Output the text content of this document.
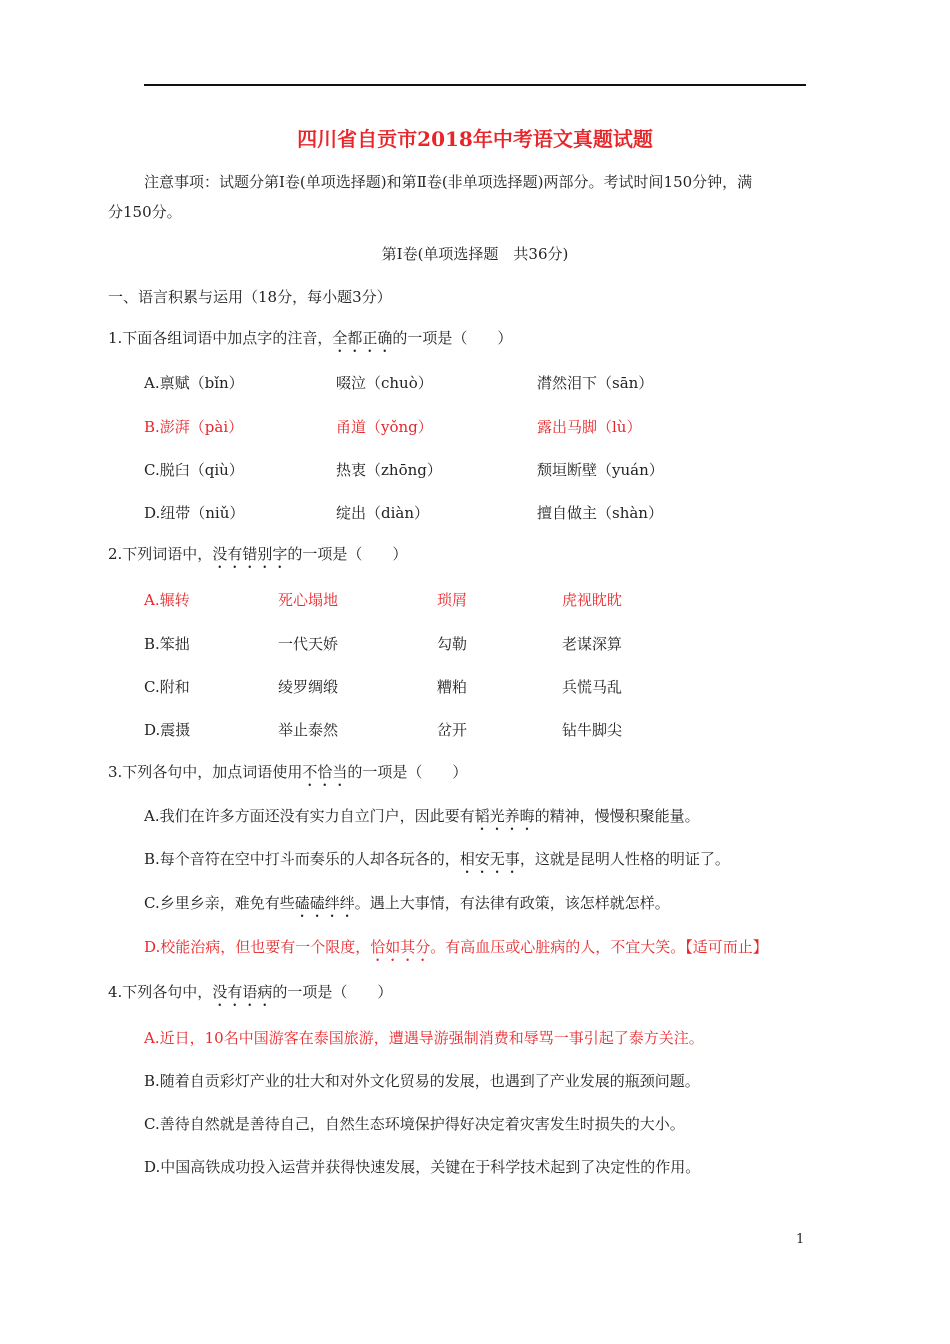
四川省自贡市2018年中考语文真题试题
注意事项：试题分第Ⅰ卷(单项选择题)和第Ⅱ卷(非单项选择题)两部分。考试时间150分钟，满
分150分。
第Ⅰ卷(单项选择题　共36分)
一、语言积累与运用（18分，每小题3分）
1.下面各组词语中加点字的注音，全都正确的一项是（　　）
A.禀赋（bǐn）	啜泣（chuò）	潸然泪下（sān）
B.澎湃（pài）	甬道（yǒng）	露出马脚（lù）
C.脱臼（qiù）	热衷（zhōng）	颓垣断壁（yuán）
D.纽带（niǔ）	绽出（diàn）	擅自做主（shàn）
2.下列词语中，没有错别字的一项是（　　）
A.辗转	死心塌地	琐屑	虎视眈眈
B.笨拙	一代天娇	勾勒	老谋深算
C.附和	绫罗绸缎	糟粕	兵慌马乱
D.震摄	举止泰然	岔开	钻牛脚尖
3.下列各句中，加点词语使用不恰当的一项是（　　）
A.我们在许多方面还没有实力自立门户，因此要有韬光养晦的精神，慢慢积聚能量。
B.每个音符在空中打斗而奏乐的人却各玩各的，相安无事，这就是昆明人性格的明证了。
C.乡里乡亲，难免有些磕磕绊绊。遇上大事情，有法律有政策，该怎样就怎样。
D.校能治病，但也要有一个限度，恰如其分。有高血压或心脏病的人，不宜大笑。【适可而止】
4.下列各句中，没有语病的一项是（　　）
A.近日，10名中国游客在泰国旅游，遭遇导游强制消费和辱骂一事引起了泰方关注。
B.随着自贡彩灯产业的壮大和对外文化贸易的发展，也遇到了产业发展的瓶颈问题。
C.善待自然就是善待自己，自然生态环境保护得好决定着灾害发生时损失的大小。
D.中国高铁成功投入运营并获得快速发展，关键在于科学技术起到了决定性的作用。
1
